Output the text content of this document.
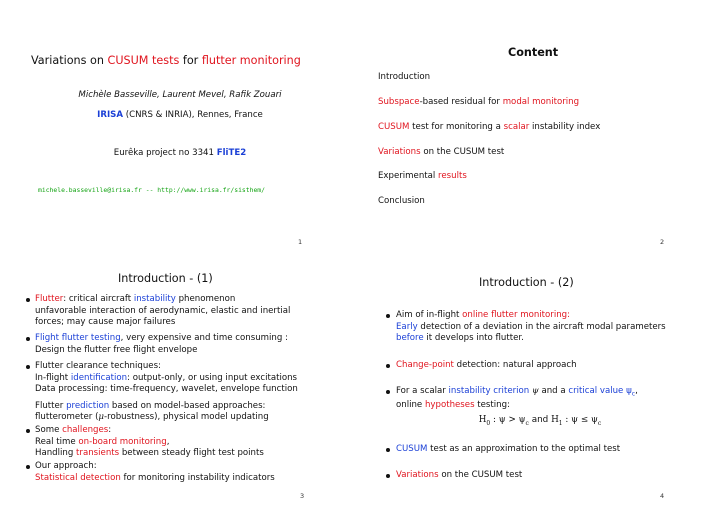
Variations on CUSUM tests for flutter monitoring
Michèle Basseville, Laurent Mevel, Rafik Zouari
IRISA (CNRS & INRIA), Rennes, France
Eurêka project no 3341 FliTE2
michele.basseville@irisa.fr -- http://www.irisa.fr/sisthem/
1
Content
Introduction
Subspace-based residual for modal monitoring
CUSUM test for monitoring a scalar instability index
Variations on the CUSUM test
Experimental results
Conclusion
2
Introduction - (1)
Flutter: critical aircraft instability phenomenon
unfavorable interaction of aerodynamic, elastic and inertial
forces; may cause major failures
Flight flutter testing, very expensive and time consuming :
Design the flutter free flight envelope
Flutter clearance techniques:
In-flight identification: output-only, or using input excitations
Data processing: time-frequency, wavelet, envelope function
Flutter prediction based on model-based approaches:
flutterometer (μ-robustness), physical model updating
Some challenges:
Real time on-board monitoring,
Handling transients between steady flight test points
Our approach:
Statistical detection for monitoring instability indicators
3
Introduction - (2)
Aim of in-flight online flutter monitoring:
Early detection of a deviation in the aircraft modal parameters
before it develops into flutter.
Change-point detection: natural approach
For a scalar instability criterion ψ and a critical value $\psi_c$,
online hypotheses testing:
$H_0$ : $\psi > \psi_c$ and $H_1$ : $\psi \le \psi_c$
CUSUM test as an approximation to the optimal test
Variations on the CUSUM test
4
